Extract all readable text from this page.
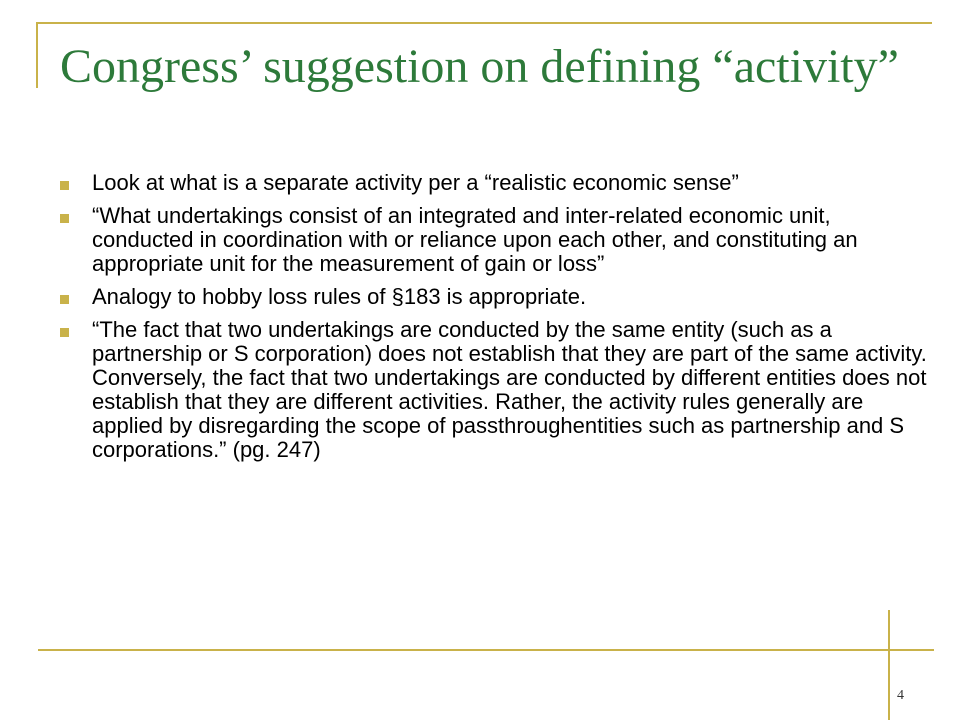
Congress’ suggestion on defining “activity”
Look at what is a separate activity per a “realistic economic sense”
“What undertakings consist of an integrated and inter-related economic unit, conducted in coordination with or reliance upon each other, and constituting an appropriate unit for the measurement of gain or loss”
Analogy to hobby loss rules of §183 is appropriate.
“The fact that two undertakings are conducted by the same entity (such as a partnership or S corporation) does not establish that they are part of the same activity. Conversely, the fact that two undertakings are conducted by different entities does not establish that they are different activities. Rather, the activity rules generally are applied by disregarding the scope of passthroughentities such as partnership and S corporations.” (pg. 247)
4
